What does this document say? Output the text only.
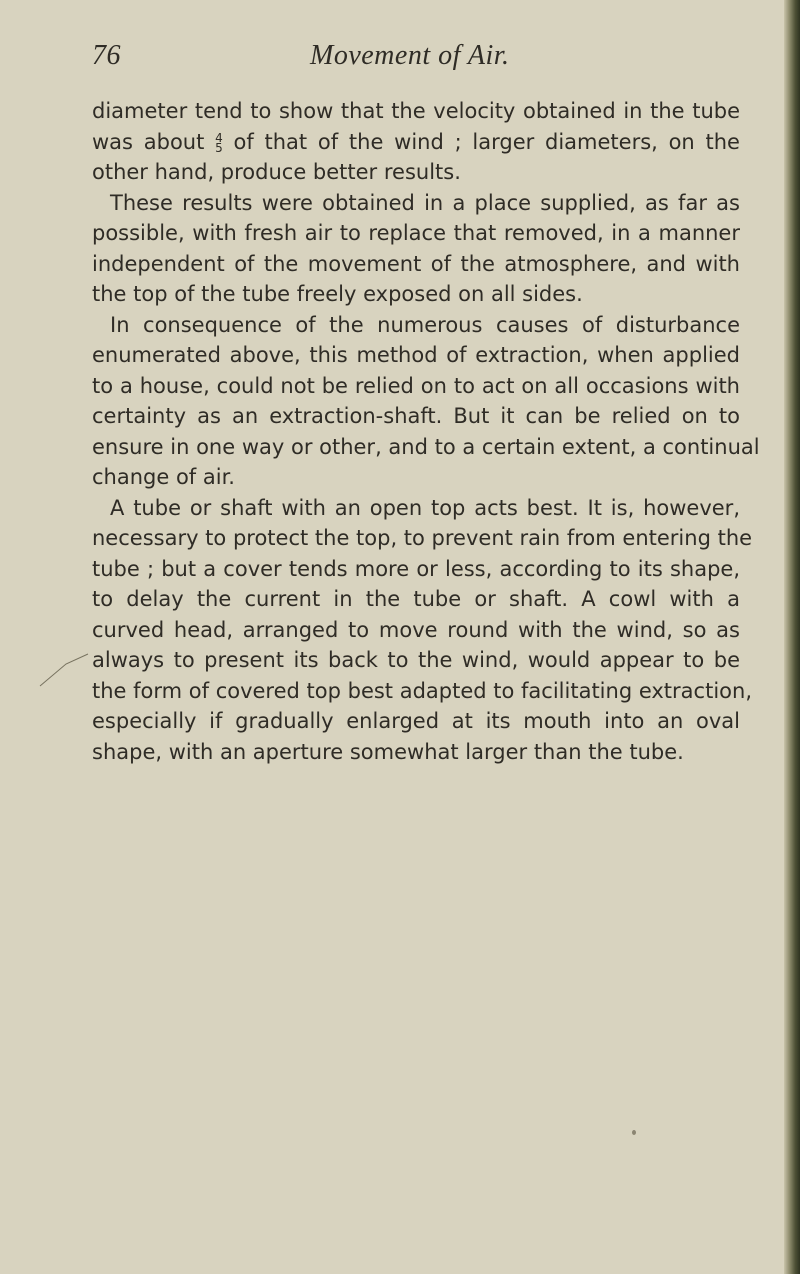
76	Movement of Air.
diameter tend to show that the velocity obtained in the tube
was about 4
5 of that of the wind ; larger diameters, on the
other hand, produce better results.
These results were obtained in a place supplied, as far as
possible, with fresh air to replace that removed, in a manner
independent of the movement of the atmosphere, and with
the top of the tube freely exposed on all sides.
In consequence of the numerous causes of disturbance
enumerated above, this method of extraction, when applied
to a house, could not be relied on to act on all occasions with
certainty as an extraction-shaft. But it can be relied on to
ensure in one way or other, and to a certain extent, a continual
change of air.
A tube or shaft with an open top acts best. It is, however,
necessary to protect the top, to prevent rain from entering the
tube ; but a cover tends more or less, according to its shape,
to delay the current in the tube or shaft. A cowl with a
curved head, arranged to move round with the wind, so as
always to present its back to the wind, would appear to be
the form of covered top best adapted to facilitating extraction,
especially if gradually enlarged at its mouth into an oval
shape, with an aperture somewhat larger than the tube.
